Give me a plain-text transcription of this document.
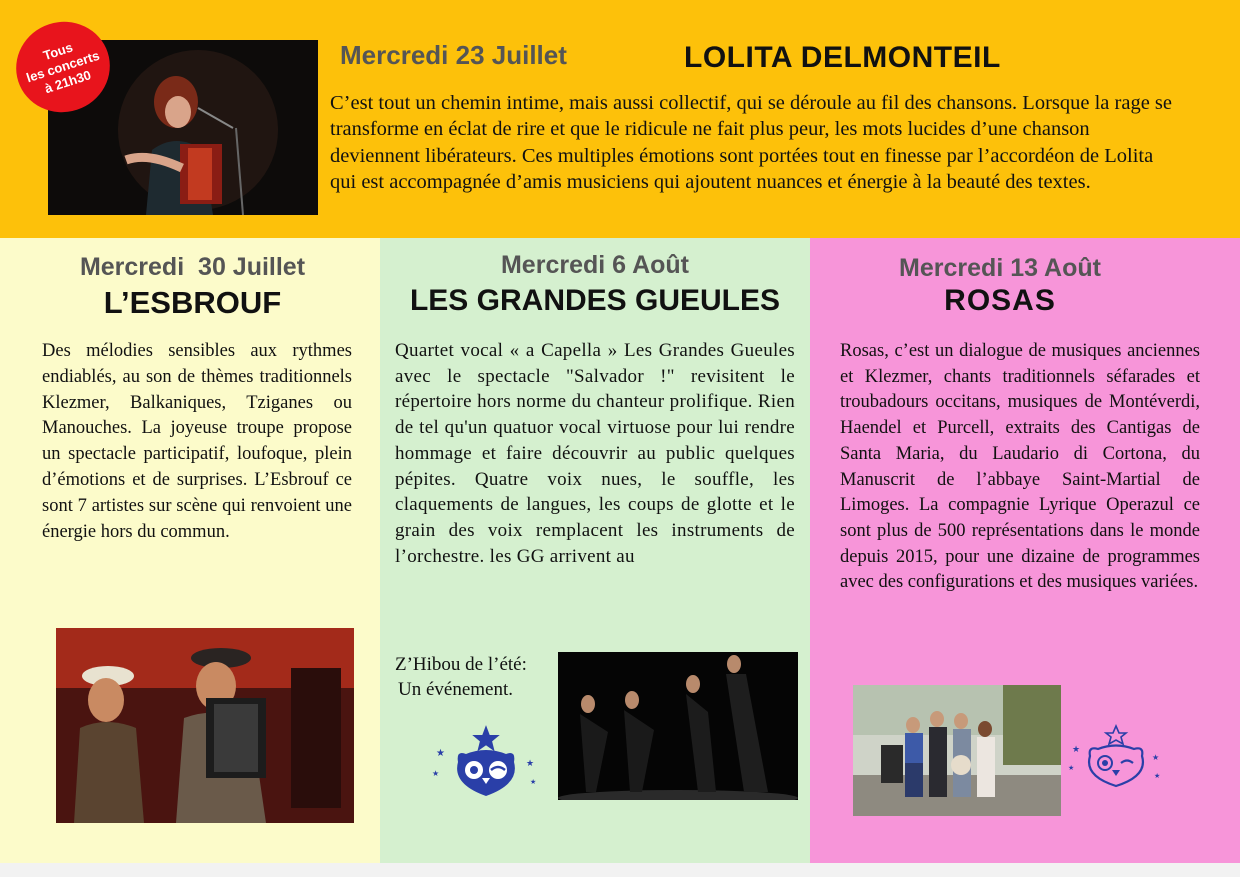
Tous
les concerts
à 21h30
Mercredi 23 Juillet	LOLITA DELMONTEIL
C’est tout un chemin intime, mais aussi collectif, qui se déroule au fil des chansons. Lorsque la rage se transforme en éclat de rire et que le ridicule ne fait plus peur, les mots lucides d’une chanson deviennent libérateurs. Ces multiples émotions sont portées tout en finesse par l’accordéon de Lolita qui est accompagnée d’amis musiciens qui ajoutent nuances et énergie à la beauté des textes.
Mercredi  30 Juillet
L’ESBROUF
Des mélodies sensibles aux rythmes endiablés, au son de thèmes traditionnels Klezmer, Balkaniques, Tziganes ou Manouches. La joyeuse troupe propose un spectacle participatif, loufoque, plein d’émotions et de surprises. L’Esbrouf ce sont 7 artistes sur scène qui renvoient une énergie hors du commun.
Mercredi 6 Août
LES GRANDES GUEULES
Quartet vocal « a Capella » Les Grandes Gueules avec le spectacle "Salvador !" revisitent le répertoire hors norme du chanteur prolifique. Rien de tel qu'un quatuor vocal virtuose pour lui rendre hommage et faire découvrir au public quelques pépites. Quatre voix nues, le souffle, les claquements de langues, les coups de glotte et le grain des voix remplacent les instruments de l’orchestre. les GG arrivent au
Z’Hibou de l’été:
Un événement.
★
★
★
★
Mercredi 13 Août
ROSAS
Rosas, c’est un dialogue de musiques anciennes et Klezmer, chants traditionnels séfarades et troubadours occitans, musiques de Montéverdi, Haendel et Purcell, extraits des Cantigas de Santa Maria, du Laudario di Cortona, du Manuscrit de l’abbaye Saint-Martial de Limoges. La compagnie Lyrique Operazul ce sont plus de 500 représentations dans le monde depuis 2015, pour une dizaine de programmes avec des configurations et des musiques variées.
★
★
★
★
